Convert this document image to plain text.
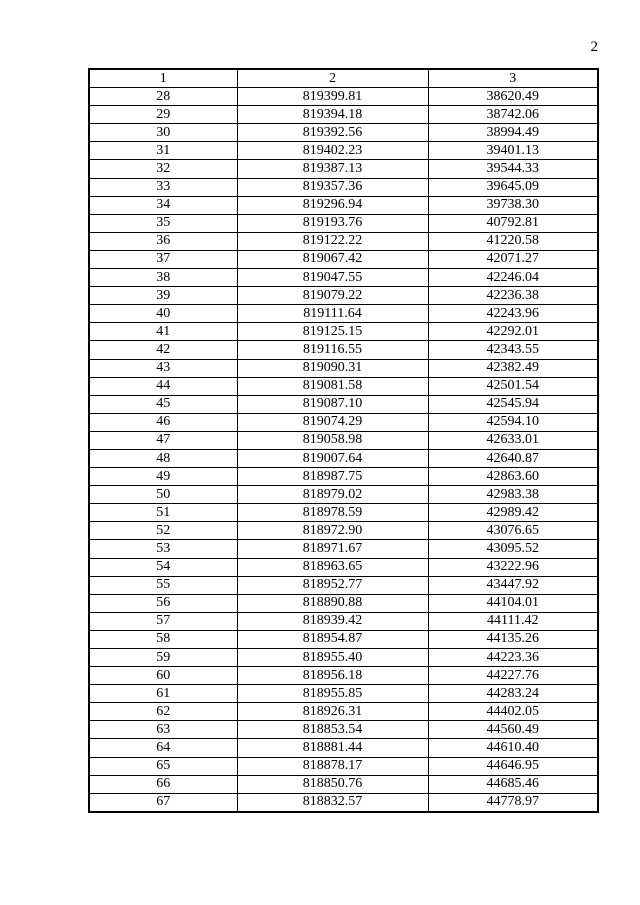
2
1	2	3
28	819399.81	38620.49
29	819394.18	38742.06
30	819392.56	38994.49
31	819402.23	39401.13
32	819387.13	39544.33
33	819357.36	39645.09
34	819296.94	39738.30
35	819193.76	40792.81
36	819122.22	41220.58
37	819067.42	42071.27
38	819047.55	42246.04
39	819079.22	42236.38
40	819111.64	42243.96
41	819125.15	42292.01
42	819116.55	42343.55
43	819090.31	42382.49
44	819081.58	42501.54
45	819087.10	42545.94
46	819074.29	42594.10
47	819058.98	42633.01
48	819007.64	42640.87
49	818987.75	42863.60
50	818979.02	42983.38
51	818978.59	42989.42
52	818972.90	43076.65
53	818971.67	43095.52
54	818963.65	43222.96
55	818952.77	43447.92
56	818890.88	44104.01
57	818939.42	44111.42
58	818954.87	44135.26
59	818955.40	44223.36
60	818956.18	44227.76
61	818955.85	44283.24
62	818926.31	44402.05
63	818853.54	44560.49
64	818881.44	44610.40
65	818878.17	44646.95
66	818850.76	44685.46
67	818832.57	44778.97
